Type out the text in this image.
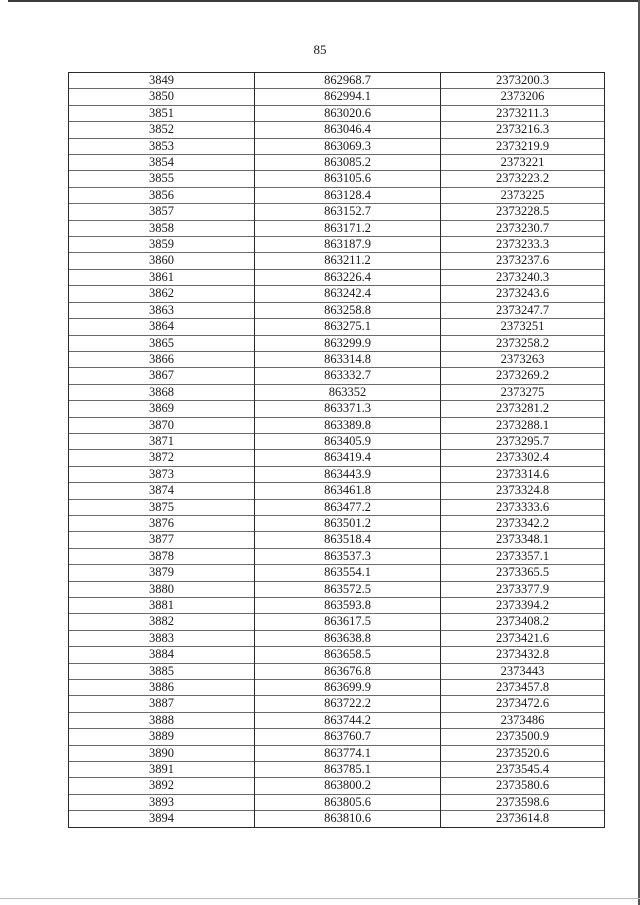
85
3849	862968.7	2373200.3
3850	862994.1	2373206
3851	863020.6	2373211.3
3852	863046.4	2373216.3
3853	863069.3	2373219.9
3854	863085.2	2373221
3855	863105.6	2373223.2
3856	863128.4	2373225
3857	863152.7	2373228.5
3858	863171.2	2373230.7
3859	863187.9	2373233.3
3860	863211.2	2373237.6
3861	863226.4	2373240.3
3862	863242.4	2373243.6
3863	863258.8	2373247.7
3864	863275.1	2373251
3865	863299.9	2373258.2
3866	863314.8	2373263
3867	863332.7	2373269.2
3868	863352	2373275
3869	863371.3	2373281.2
3870	863389.8	2373288.1
3871	863405.9	2373295.7
3872	863419.4	2373302.4
3873	863443.9	2373314.6
3874	863461.8	2373324.8
3875	863477.2	2373333.6
3876	863501.2	2373342.2
3877	863518.4	2373348.1
3878	863537.3	2373357.1
3879	863554.1	2373365.5
3880	863572.5	2373377.9
3881	863593.8	2373394.2
3882	863617.5	2373408.2
3883	863638.8	2373421.6
3884	863658.5	2373432.8
3885	863676.8	2373443
3886	863699.9	2373457.8
3887	863722.2	2373472.6
3888	863744.2	2373486
3889	863760.7	2373500.9
3890	863774.1	2373520.6
3891	863785.1	2373545.4
3892	863800.2	2373580.6
3893	863805.6	2373598.6
3894	863810.6	2373614.8
